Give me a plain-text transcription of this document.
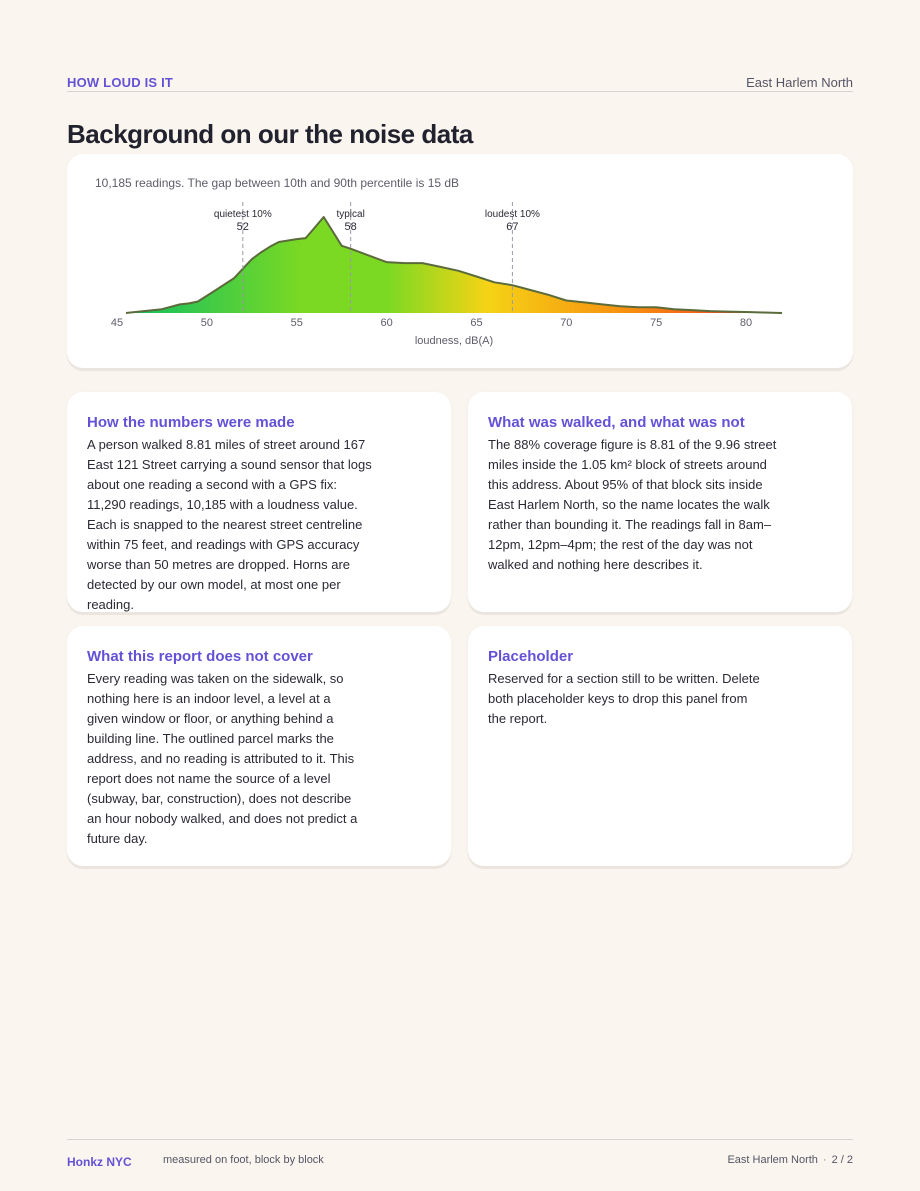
HOW LOUD IS IT	East Harlem North
Background on our the noise data
10,185 readings. The gap between 10th and 90th percentile is 15 dB
quietest 10%
52
typical
58
loudest 10%
67
45	50	55	60	65	70	75	80
loudness, dB(A)
How the numbers were made
A person walked 8.81 miles of street around 167 East 121 Street carrying a sound sensor that logs about one reading a second with a GPS fix: 11,290 readings, 10,185 with a loudness value. Each is snapped to the nearest street centreline within 75 feet, and readings with GPS accuracy worse than 50 metres are dropped. Horns are detected by our own model, at most one per reading.
What was walked, and what was not
The 88% coverage figure is 8.81 of the 9.96 street miles inside the 1.05 km² block of streets around this address. About 95% of that block sits inside East Harlem North, so the name locates the walk rather than bounding it. The readings fall in 8am–12pm, 12pm–4pm; the rest of the day was not walked and nothing here describes it.
What this report does not cover
Every reading was taken on the sidewalk, so nothing here is an indoor level, a level at a given window or floor, or anything behind a building line. The outlined parcel marks the address, and no reading is attributed to it. This report does not name the source of a level (subway, bar, construction), does not describe an hour nobody walked, and does not predict a future day.
Placeholder
Reserved for a section still to be written. Delete both placeholder keys to drop this panel from the report.
Honkz NYC	measured on foot, block by block	East Harlem North · 2 / 2
